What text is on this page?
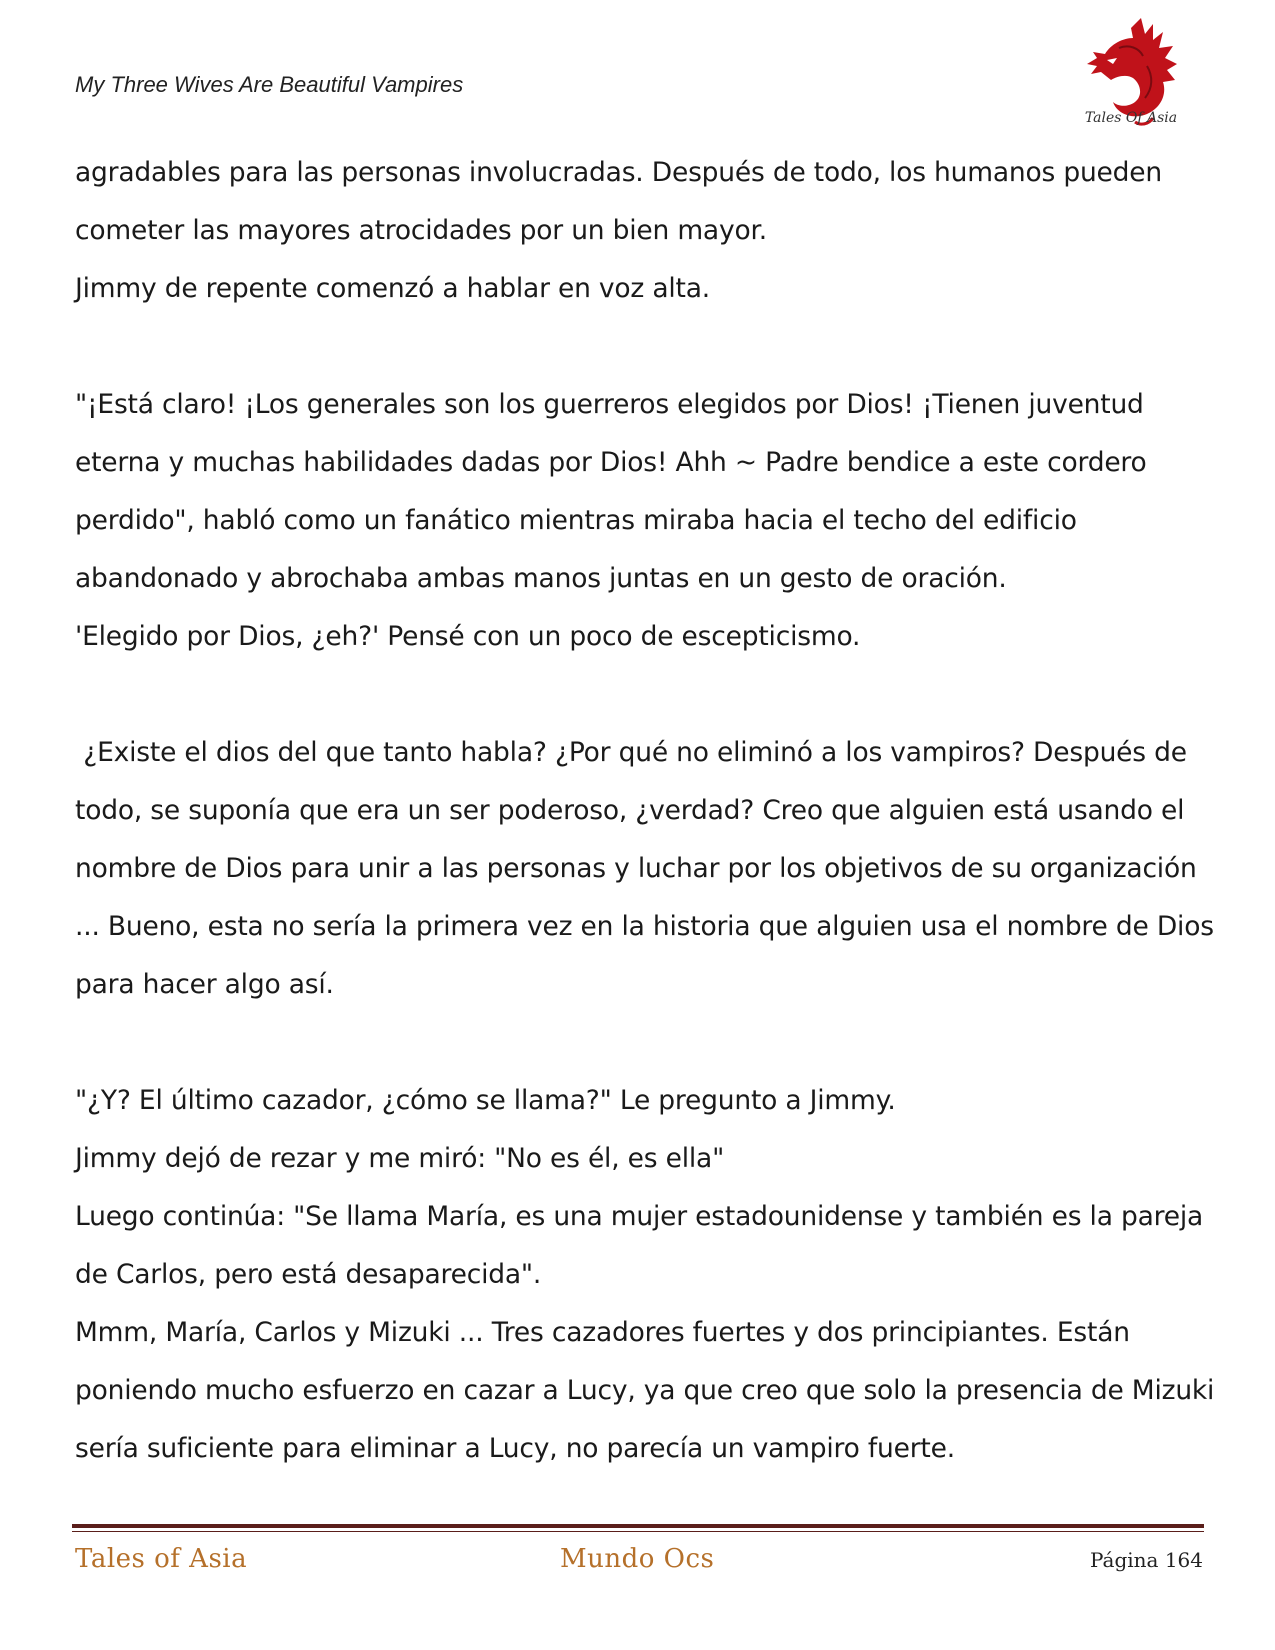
My Three Wives Are Beautiful Vampires
Tales Of Asia

agradables para las personas involucradas. Después de todo, los humanos pueden

cometer las mayores atrocidades por un bien mayor.

Jimmy de repente comenzó a hablar en voz alta.

"¡Está claro! ¡Los generales son los guerreros elegidos por Dios! ¡Tienen juventud

eterna y muchas habilidades dadas por Dios! Ahh ~ Padre bendice a este cordero

perdido", habló como un fanático mientras miraba hacia el techo del edificio

abandonado y abrochaba ambas manos juntas en un gesto de oración.

'Elegido por Dios, ¿eh?' Pensé con un poco de escepticismo.

¿Existe el dios del que tanto habla? ¿Por qué no eliminó a los vampiros? Después de

todo, se suponía que era un ser poderoso, ¿verdad? Creo que alguien está usando el

nombre de Dios para unir a las personas y luchar por los objetivos de su organización

... Bueno, esta no sería la primera vez en la historia que alguien usa el nombre de Dios

para hacer algo así.

"¿Y? El último cazador, ¿cómo se llama?" Le pregunto a Jimmy.

Jimmy dejó de rezar y me miró: "No es él, es ella"

Luego continúa: "Se llama María, es una mujer estadounidense y también es la pareja

de Carlos, pero está desaparecida".

Mmm, María, Carlos y Mizuki ... Tres cazadores fuertes y dos principiantes. Están

poniendo mucho esfuerzo en cazar a Lucy, ya que creo que solo la presencia de Mizuki

sería suficiente para eliminar a Lucy, no parecía un vampiro fuerte.

Tales of Asia	Mundo Ocs	Página 164
